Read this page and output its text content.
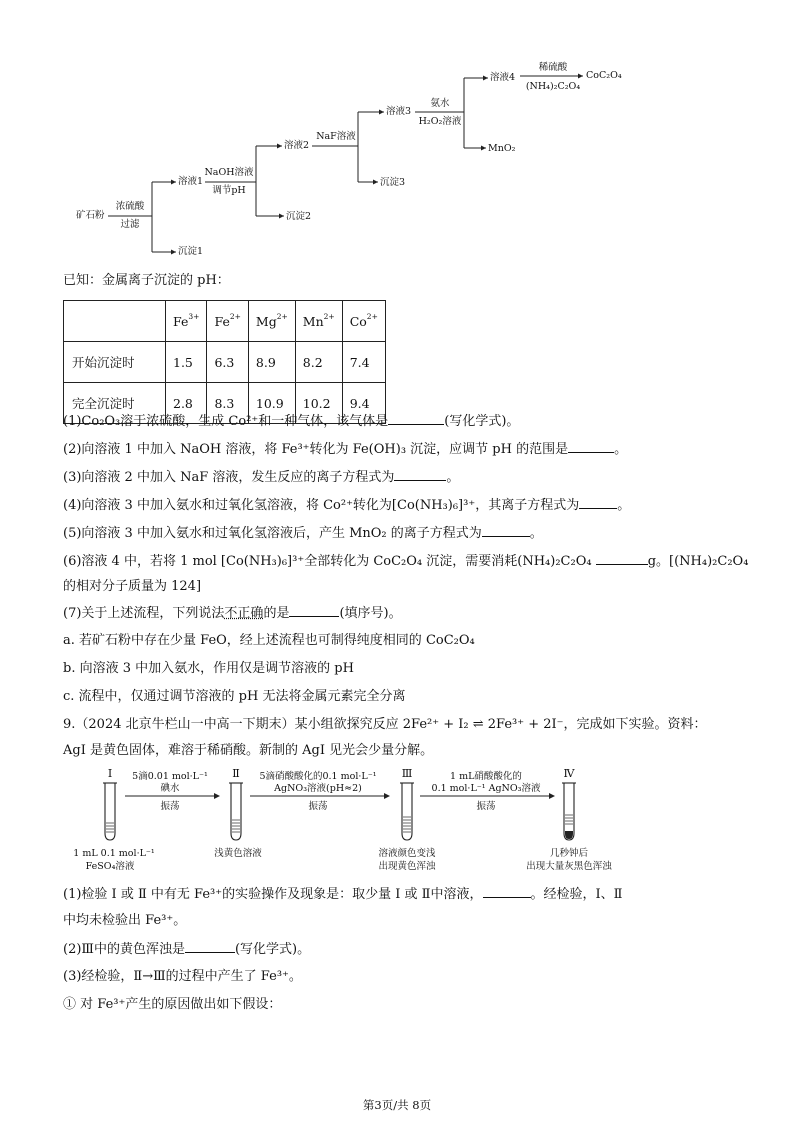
矿石粉
浓硫酸
过滤
溶液1
沉淀1
NaOH溶液
调节pH
溶液2
沉淀2
NaF溶液
沉淀3
溶液3
氨水
H₂O₂溶液
溶液4
MnO₂
稀硫酸
(NH₄)₂C₂O₄
CoC₂O₄
已知：金属离子沉淀的 pH：
	$Fe^{3+}$	$Fe^{2+}$	$Mg^{2+}$	$Mn^{2+}$	$Co^{2+}$
开始沉淀时	1.5	6.3	8.9	8.2	7.4
完全沉淀时	2.8	8.3	10.9	10.2	9.4
(1)Co₂O₃溶于浓硫酸，生成 Co²⁺和一种气体，该气体是	(写化学式)。
(2)向溶液 1 中加入 NaOH 溶液，将 Fe³⁺转化为 Fe(OH)₃ 沉淀，应调节 pH 的范围是	。
(3)向溶液 2 中加入 NaF 溶液，发生反应的离子方程式为	。
(4)向溶液 3 中加入氨水和过氧化氢溶液，将 Co²⁺转化为[Co(NH₃)₆]³⁺，其离子方程式为	。
(5)向溶液 3 中加入氨水和过氧化氢溶液后，产生 MnO₂ 的离子方程式为	。
(6)溶液 4 中，若将 1 mol [Co(NH₃)₆]³⁺全部转化为 CoC₂O₄ 沉淀，需要消耗(NH₄)₂C₂O₄	g。[(NH₄)₂C₂O₄
的相对分子质量为 124]
(7)关于上述流程，下列说法不正确的是	(填序号)。
a. 若矿石粉中存在少量 FeO，经上述流程也可制得纯度相同的 CoC₂O₄
b. 向溶液 3 中加入氨水，作用仅是调节溶液的 pH
c. 流程中，仅通过调节溶液的 pH 无法将金属元素完全分离
9.（2024 北京牛栏山一中高一下期末）某小组欲探究反应 2Fe²⁺ + I₂ ⇌ 2Fe³⁺ + 2I⁻，完成如下实验。资料：
AgI 是黄色固体，难溶于稀硝酸。新制的 AgI 见光会少量分解。
Ⅰ	Ⅱ	Ⅲ	Ⅳ
5滴0.01 mol·L⁻¹
碘水
振荡
5滴硝酸酸化的0.1 mol·L⁻¹
AgNO₃溶液(pH≈2)
振荡
1 mL硝酸酸化的
0.1 mol·L⁻¹ AgNO₃溶液
振荡
1 mL 0.1 mol·L⁻¹
FeSO₄溶液
浅黄色溶液	溶液颜色变浅
出现黄色浑浊
几秒钟后
出现大量灰黑色浑浊
(1)检验 Ⅰ 或 Ⅱ 中有无 Fe³⁺的实验操作及现象是：取少量 Ⅰ 或 Ⅱ中溶液，	。经检验，Ⅰ、Ⅱ
中均未检验出 Fe³⁺。
(2)Ⅲ中的黄色浑浊是	(写化学式)。
(3)经检验，Ⅱ→Ⅲ的过程中产生了 Fe³⁺。
① 对 Fe³⁺产生的原因做出如下假设：
第3页/共 8页
